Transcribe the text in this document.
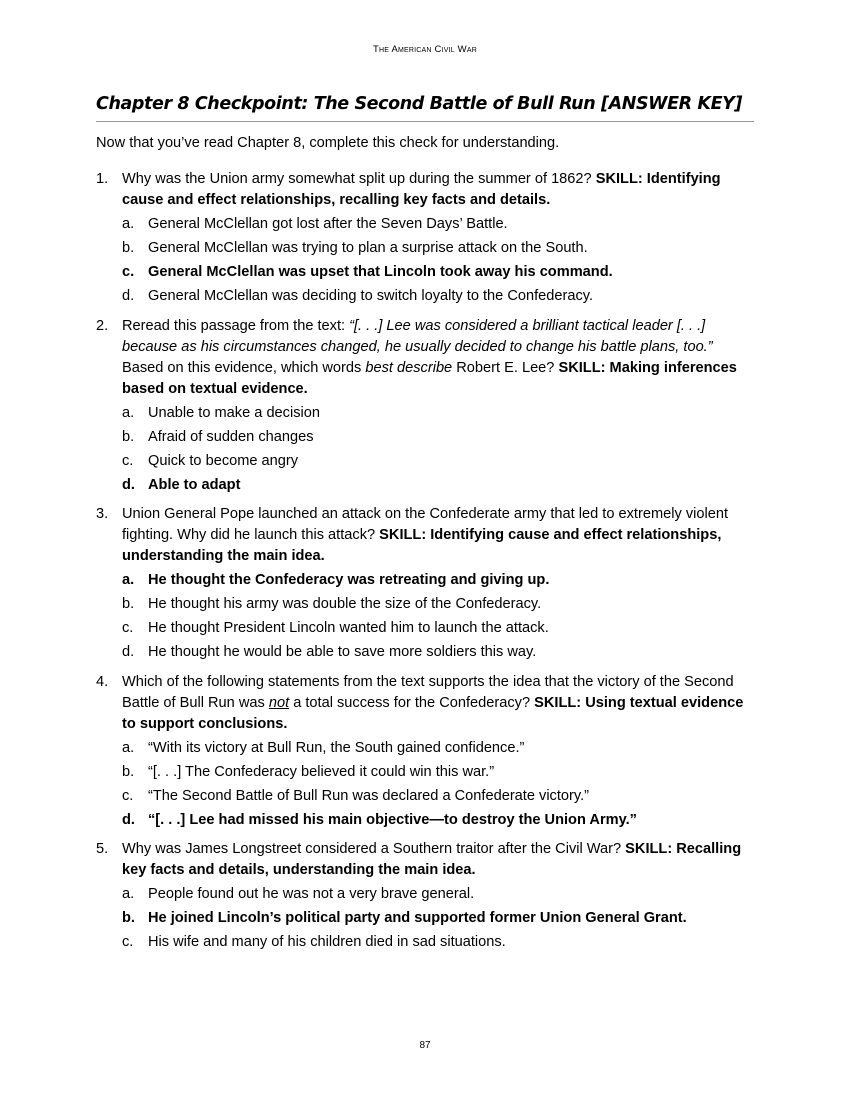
The American Civil War
Chapter 8 Checkpoint: The Second Battle of Bull Run [ANSWER KEY]
Now that you’ve read Chapter 8, complete this check for understanding.
1. Why was the Union army somewhat split up during the summer of 1862? SKILL: Identifying cause and effect relationships, recalling key facts and details.
a. General McClellan got lost after the Seven Days’ Battle.
b. General McClellan was trying to plan a surprise attack on the South.
c. General McClellan was upset that Lincoln took away his command.
d. General McClellan was deciding to switch loyalty to the Confederacy.
2. Reread this passage from the text: “[. . .] Lee was considered a brilliant tactical leader [. . .] because as his circumstances changed, he usually decided to change his battle plans, too.” Based on this evidence, which words best describe Robert E. Lee? SKILL: Making inferences based on textual evidence.
a. Unable to make a decision
b. Afraid of sudden changes
c. Quick to become angry
d. Able to adapt
3. Union General Pope launched an attack on the Confederate army that led to extremely violent fighting. Why did he launch this attack? SKILL: Identifying cause and effect relationships, understanding the main idea.
a. He thought the Confederacy was retreating and giving up.
b. He thought his army was double the size of the Confederacy.
c. He thought President Lincoln wanted him to launch the attack.
d. He thought he would be able to save more soldiers this way.
4. Which of the following statements from the text supports the idea that the victory of the Second Battle of Bull Run was not a total success for the Confederacy? SKILL: Using textual evidence to support conclusions.
a. “With its victory at Bull Run, the South gained confidence.”
b. “[. . .] The Confederacy believed it could win this war.”
c. “The Second Battle of Bull Run was declared a Confederate victory.”
d. “[. . .] Lee had missed his main objective—to destroy the Union Army.”
5. Why was James Longstreet considered a Southern traitor after the Civil War? SKILL: Recalling key facts and details, understanding the main idea.
a. People found out he was not a very brave general.
b. He joined Lincoln’s political party and supported former Union General Grant.
c. His wife and many of his children died in sad situations.
87
